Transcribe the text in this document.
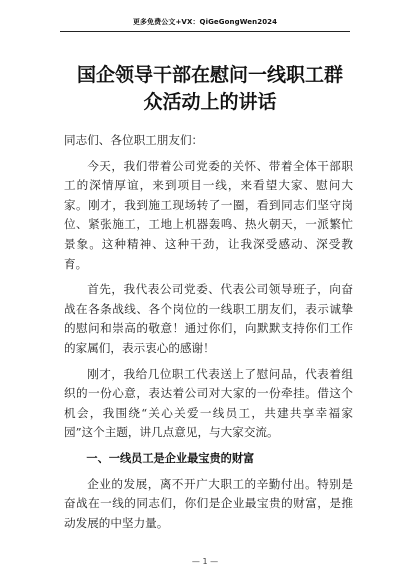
更多免费公文+VX：QiGeGongWen2024
国企领导干部在慰问一线职工群众活动上的讲话

同志们、各位职工朋友们：

今天，我们带着公司党委的关怀、带着全体干部职工的深情厚谊，来到项目一线，来看望大家、慰问大家。刚才，我到施工现场转了一圈，看到同志们坚守岗位、紧张施工，工地上机器轰鸣、热火朝天，一派繁忙景象。这种精神、这种干劲，让我深受感动、深受教育。

首先，我代表公司党委、代表公司领导班子，向奋战在各条战线、各个岗位的一线职工朋友们，表示诚挚的慰问和崇高的敬意！通过你们，向默默支持你们工作的家属们，表示衷心的感谢！

刚才，我给几位职工代表送上了慰问品，代表着组织的一份心意，表达着公司对大家的一份牵挂。借这个机会，我围绕“关心关爱一线员工，共建共享幸福家园”这个主题，讲几点意见，与大家交流。

一、一线员工是企业最宝贵的财富

企业的发展，离不开广大职工的辛勤付出。特别是奋战在一线的同志们，你们是企业最宝贵的财富，是推动发展的中坚力量。

— 1 —
